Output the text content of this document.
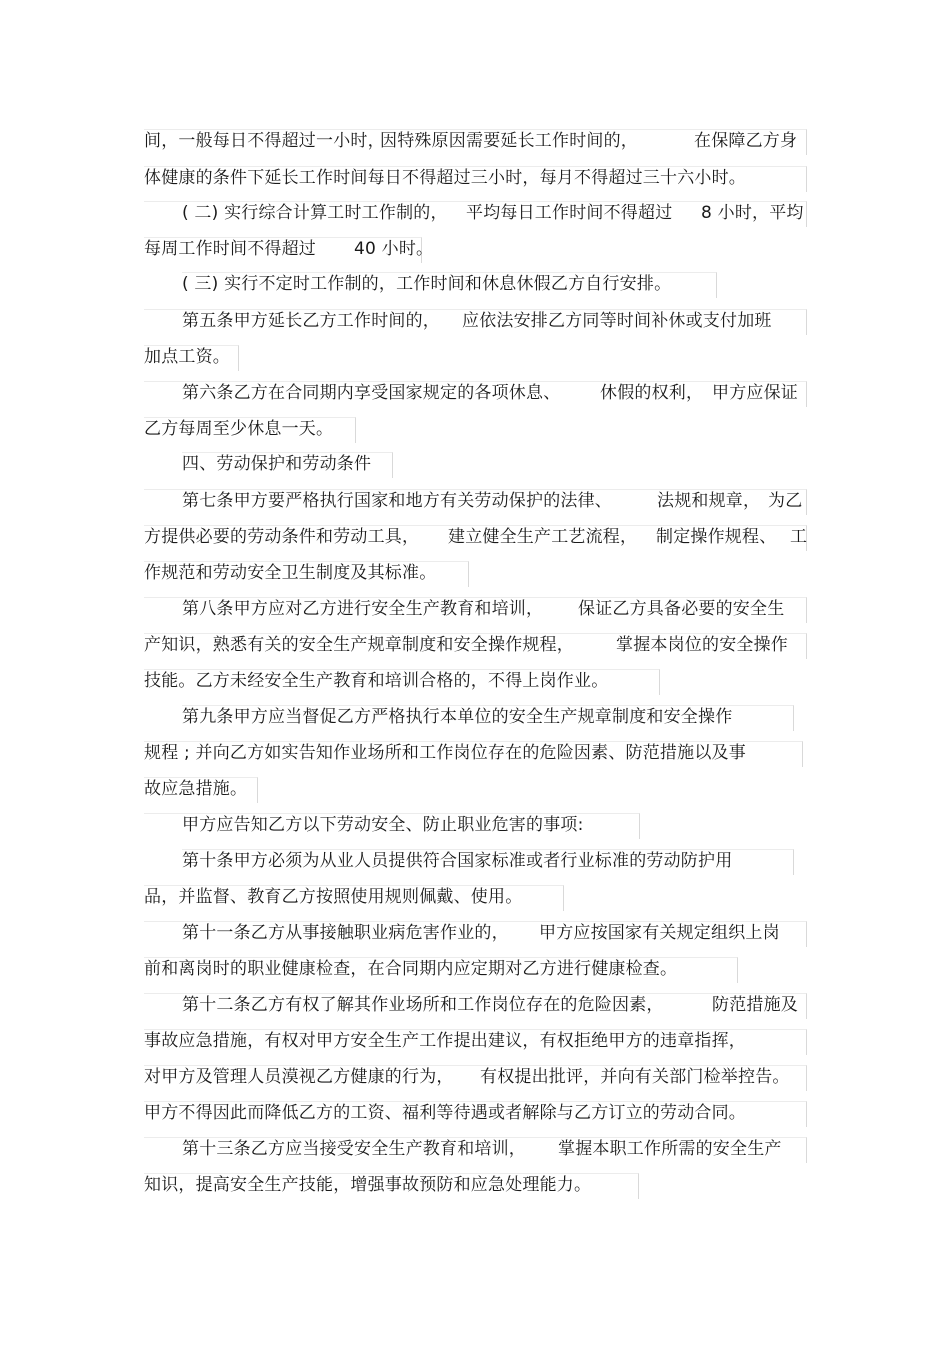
间，一般每日不得超过一小时，
因特殊原因需要延长工作时间的，	在保障乙方身
体健康的条件下延长工作时间每日不得超过三小时，每月不得超过三十六小时。
( 二) 实行综合计算工时工作制的， 平均每日工作时间不得超过 8 小时，平均
每周工作时间不得超过 40 小时。
( 三) 实行不定时工作制的，工作时间和休息休假乙方自行安排。
第五条甲方延长乙方工作时间的， 应依法安排乙方同等时间补休或支付加班
加点工资。
第六条乙方在合同期内享受国家规定的各项休息、 休假的权利， 甲方应保证
乙方每周至少休息一天。
四、劳动保护和劳动条件
第七条甲方要严格执行国家和地方有关劳动保护的法律、	法规和规章， 为乙
方提供必要的劳动条件和劳动工具， 建立健全生产工艺流程， 制定操作规程、 工
作规范和劳动安全卫生制度及其标准。
第八条甲方应对乙方进行安全生产教育和培训， 保证乙方具备必要的安全生
产知识，熟悉有关的安全生产规章制度和安全操作规程， 掌握本岗位的安全操作
技能。乙方未经安全生产教育和培训合格的，不得上岗作业。
第九条甲方应当督促乙方严格执行本单位的安全生产规章制度和安全操作
规程 ; 并向乙方如实告知作业场所和工作岗位存在的危险因素、防范措施以及事
故应急措施。
甲方应告知乙方以下劳动安全、防止职业危害的事项:
第十条甲方必须为从业人员提供符合国家标准或者行业标准的劳动防护用
品，并监督、教育乙方按照使用规则佩戴、使用。
第十一条乙方从事接触职业病危害作业的， 甲方应按国家有关规定组织上岗
前和离岗时的职业健康检查，在合同期内应定期对乙方进行健康检查。
第十二条乙方有权了解其作业场所和工作岗位存在的危险因素，	防范措施及
事故应急措施，有权对甲方安全生产工作提出建议，有权拒绝甲方的违章指挥，
对甲方及管理人员漠视乙方健康的行为， 有权提出批评，并向有关部门检举控告。
甲方不得因此而降低乙方的工资、福利等待遇或者解除与乙方订立的劳动合同。
第十三条乙方应当接受安全生产教育和培训， 掌握本职工作所需的安全生产
知识，提高安全生产技能，增强事故预防和应急处理能力。
